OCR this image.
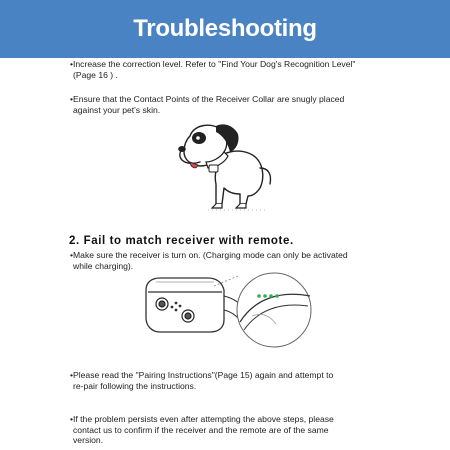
Troubleshooting
•Increase the correction level. Refer to "Find Your Dog's Recognition Level"
(Page 16 ) .
•Ensure that the Contact Points of the Receiver Collar are snugly placed
against your pet's skin.
2. Fail to match receiver with remote.
•Make sure the receiver is turn on. (Charging mode can only be activated
while charging).
•Please read the "Pairing Instructions"(Page 15) again and attempt to
re-pair following the instructions.
•If the problem persists even after attempting the above steps, please
contact us to confirm if the receiver and the remote are of the same
version.
